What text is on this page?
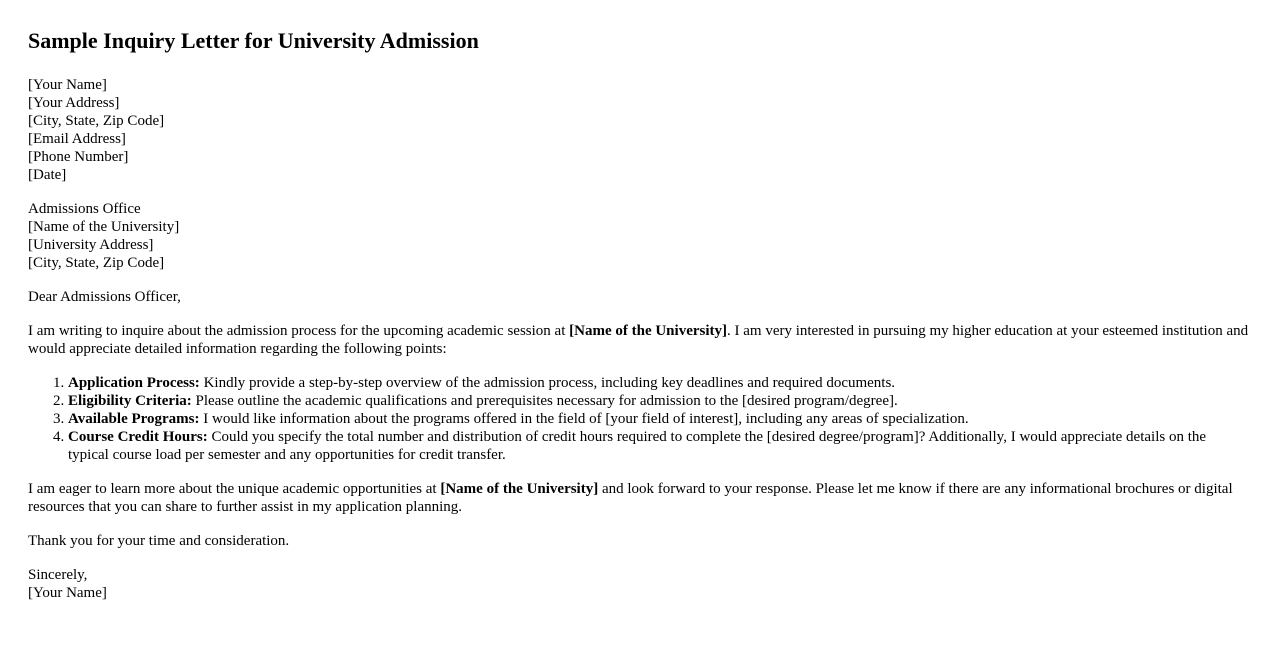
Sample Inquiry Letter for University Admission
[Your Name]
[Your Address]
[City, State, Zip Code]
[Email Address]
[Phone Number]
[Date]
Admissions Office
[Name of the University]
[University Address]
[City, State, Zip Code]

Dear Admissions Officer,

I am writing to inquire about the admission process for the upcoming academic session at [Name of the University]. I am very interested in pursuing my higher education at your esteemed institution and would appreciate detailed information regarding the following points:

1. Application Process: Kindly provide a step-by-step overview of the admission process, including key deadlines and required documents.
2. Eligibility Criteria: Please outline the academic qualifications and prerequisites necessary for admission to the [desired program/degree].
3. Available Programs: I would like information about the programs offered in the field of [your field of interest], including any areas of specialization.
4. Course Credit Hours: Could you specify the total number and distribution of credit hours required to complete the [desired degree/program]? Additionally, I would appreciate details on the typical course load per semester and any opportunities for credit transfer.

I am eager to learn more about the unique academic opportunities at [Name of the University] and look forward to your response. Please let me know if there are any informational brochures or digital resources that you can share to further assist in my application planning.

Thank you for your time and consideration.

Sincerely,
[Your Name]
